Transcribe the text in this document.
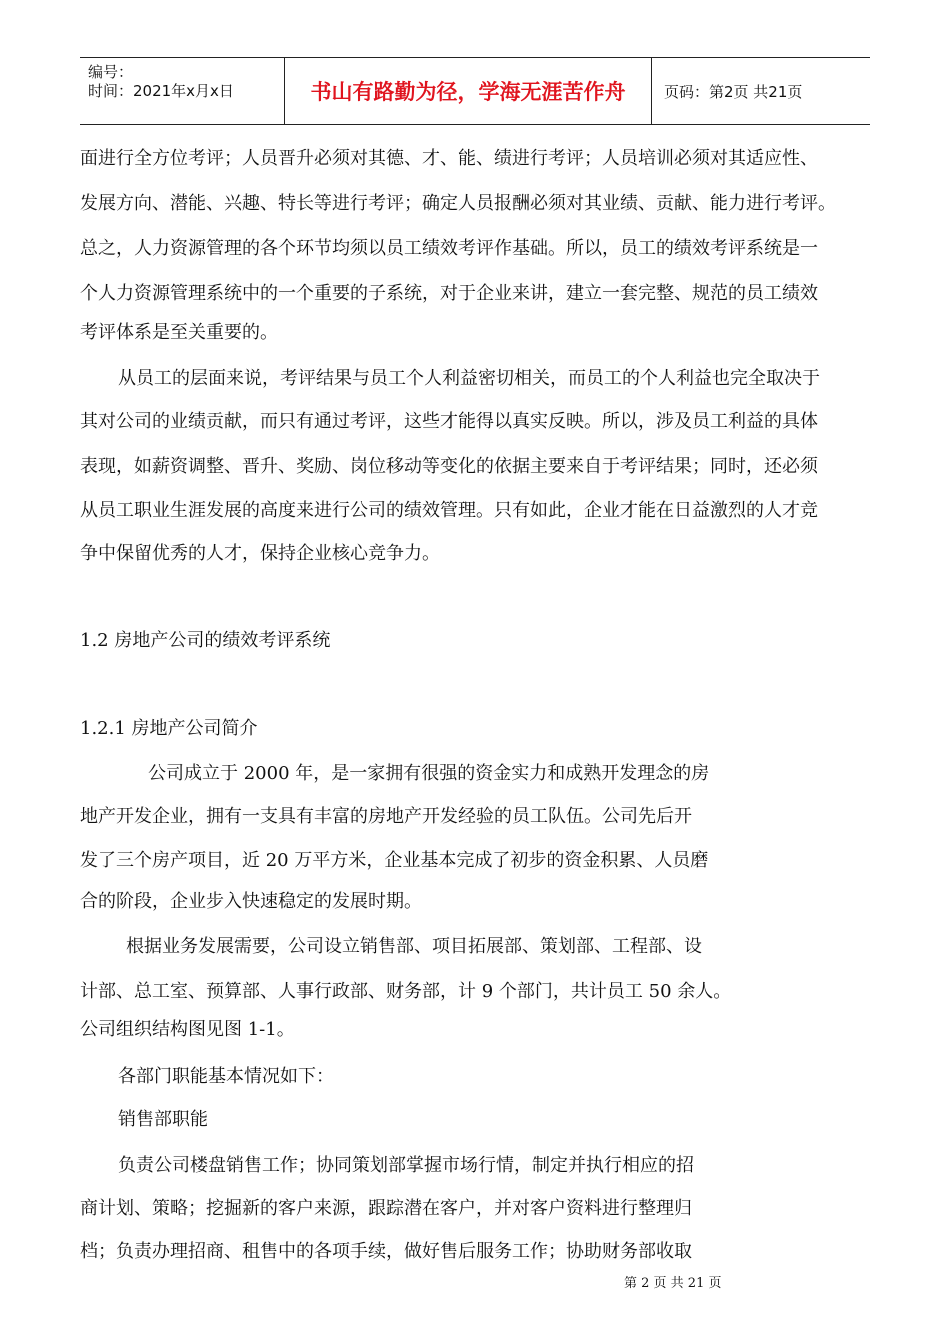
编号：
时间：2021年x月x日	书山有路勤为径，学海无涯苦作舟	页码：第2页 共21页
面进行全方位考评；人员晋升必须对其德、才、能、绩进行考评；人员培训必须对其适应性、
发展方向、潜能、兴趣、特长等进行考评；确定人员报酬必须对其业绩、贡献、能力进行考评。
总之，人力资源管理的各个环节均须以员工绩效考评作基础。所以，员工的绩效考评系统是一
个人力资源管理系统中的一个重要的子系统，对于企业来讲，建立一套完整、规范的员工绩效
考评体系是至关重要的。
从员工的层面来说，考评结果与员工个人利益密切相关，而员工的个人利益也完全取决于
其对公司的业绩贡献，而只有通过考评，这些才能得以真实反映。所以，涉及员工利益的具体
表现，如薪资调整、晋升、奖励、岗位移动等变化的依据主要来自于考评结果；同时，还必须
从员工职业生涯发展的高度来进行公司的绩效管理。只有如此，企业才能在日益激烈的人才竞
争中保留优秀的人才，保持企业核心竞争力。
1.2 房地产公司的绩效考评系统
1.2.1 房地产公司简介
公司成立于 2000 年，是一家拥有很强的资金实力和成熟开发理念的房
地产开发企业，拥有一支具有丰富的房地产开发经验的员工队伍。公司先后开
发了三个房产项目，近 20 万平方米，企业基本完成了初步的资金积累、人员磨
合的阶段，企业步入快速稳定的发展时期。
根据业务发展需要，公司设立销售部、项目拓展部、策划部、工程部、设
计部、总工室、预算部、人事行政部、财务部，计 9 个部门，共计员工 50 余人。
公司组织结构图见图 1-1。
各部门职能基本情况如下：
销售部职能
负责公司楼盘销售工作；协同策划部掌握市场行情，制定并执行相应的招
商计划、策略；挖掘新的客户来源，跟踪潜在客户，并对客户资料进行整理归
档；负责办理招商、租售中的各项手续，做好售后服务工作；协助财务部收取
第 2 页 共 21 页
